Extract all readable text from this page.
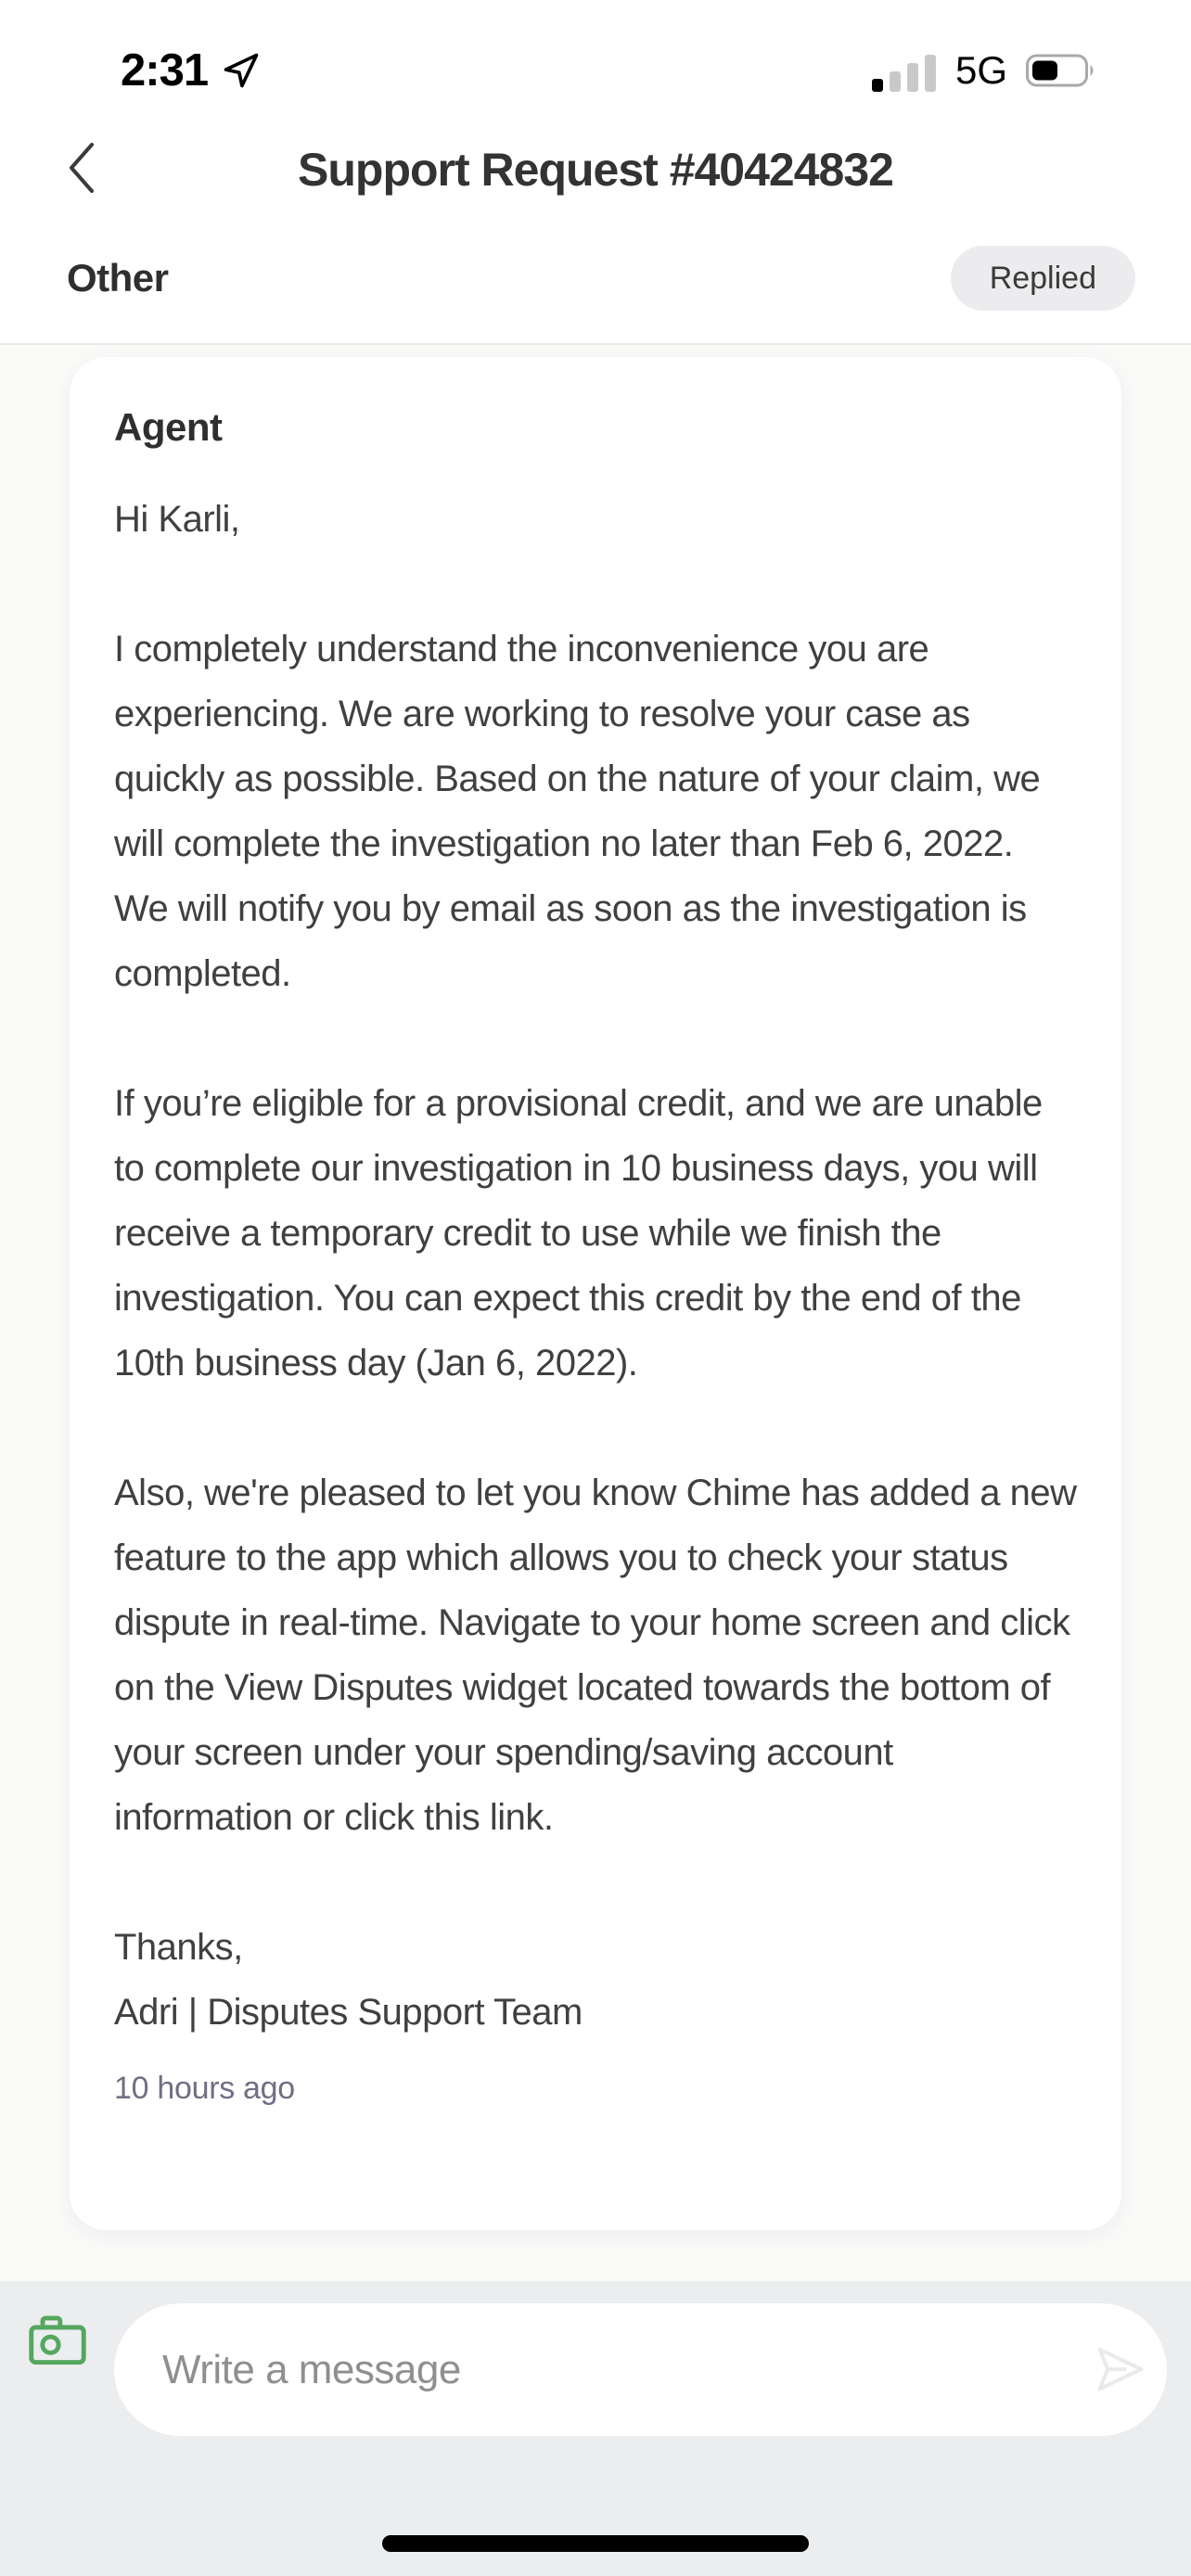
2:31	5G
Support Request #40424832
Other	Replied
Agent

Hi Karli,

I completely understand the inconvenience you are experiencing. We are working to resolve your case as quickly as possible. Based on the nature of your claim, we will complete the investigation no later than Feb 6, 2022. We will notify you by email as soon as the investigation is completed.

If you’re eligible for a provisional credit, and we are unable to complete our investigation in 10 business days, you will receive a temporary credit to use while we finish the investigation. You can expect this credit by the end of the 10th business day (Jan 6, 2022).

Also, we're pleased to let you know Chime has added a new feature to the app which allows you to check your status dispute in real-time. Navigate to your home screen and click on the View Disputes widget located towards the bottom of your screen under your spending/saving account information or click this link.

Thanks,

Adri | Disputes Support Team

10 hours ago
Write a message
